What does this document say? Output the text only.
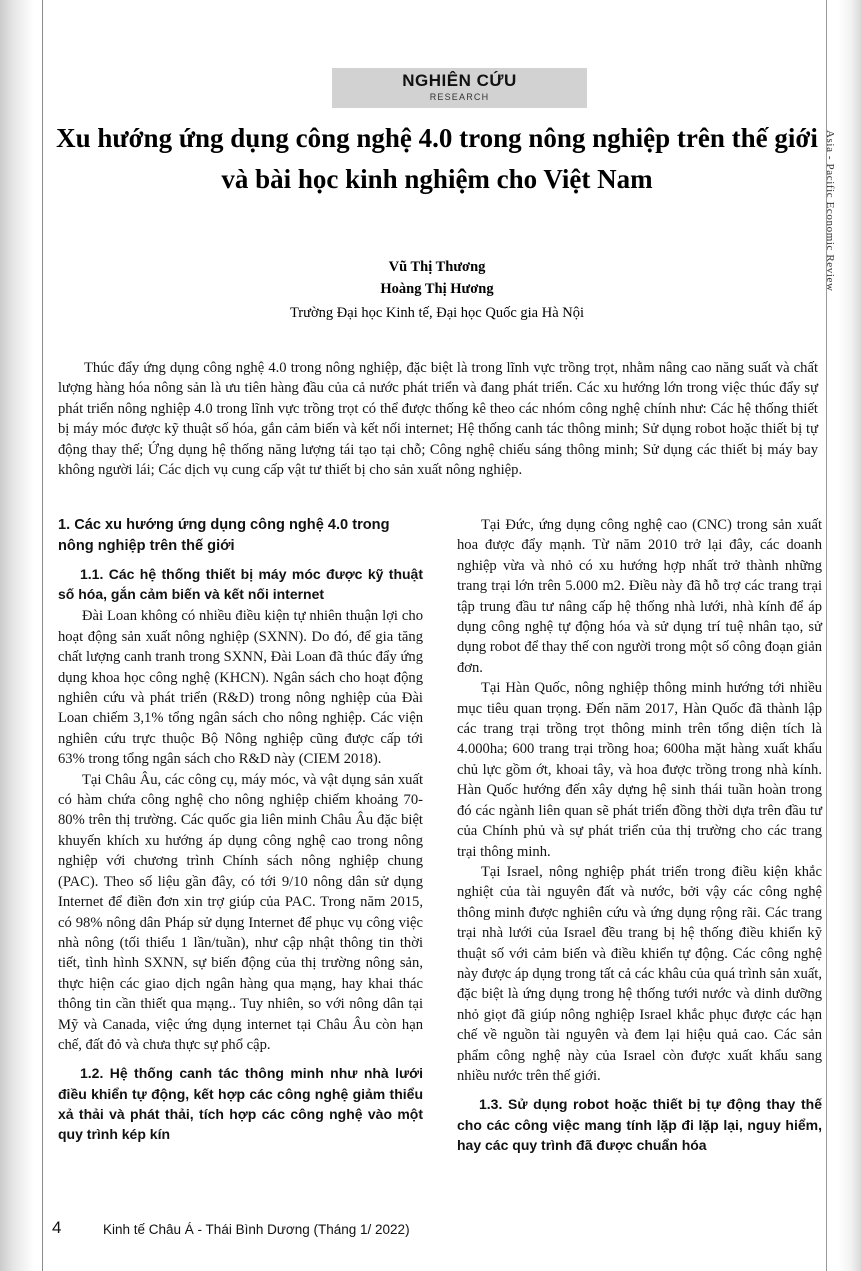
NGHIÊN CỨU
RESEARCH
Xu hướng ứng dụng công nghệ 4.0 trong nông nghiệp trên thế giới và bài học kinh nghiệm cho Việt Nam
Vũ Thị Thương
Hoàng Thị Hương
Trường Đại học Kinh tế, Đại học Quốc gia Hà Nội
Thúc đẩy ứng dụng công nghệ 4.0 trong nông nghiệp, đặc biệt là trong lĩnh vực trồng trọt, nhằm nâng cao năng suất và chất lượng hàng hóa nông sản là ưu tiên hàng đầu của cả nước phát triển và đang phát triển. Các xu hướng lớn trong việc thúc đẩy sự phát triển nông nghiệp 4.0 trong lĩnh vực trồng trọt có thể được thống kê theo các nhóm công nghệ chính như: Các hệ thống thiết bị máy móc được kỹ thuật số hóa, gắn cảm biến và kết nối internet; Hệ thống canh tác thông minh; Sử dụng robot hoặc thiết bị tự động thay thế; Ứng dụng hệ thống năng lượng tái tạo tại chỗ; Công nghệ chiếu sáng thông minh; Sử dụng các thiết bị máy bay không người lái; Các dịch vụ cung cấp vật tư thiết bị cho sản xuất nông nghiệp.
1. Các xu hướng ứng dụng công nghệ 4.0 trong nông nghiệp trên thế giới
1.1. Các hệ thống thiết bị máy móc được kỹ thuật số hóa, gắn cảm biến và kết nối internet

Đài Loan không có nhiều điều kiện tự nhiên thuận lợi cho hoạt động sản xuất nông nghiệp (SXNN). Do đó, để gia tăng chất lượng canh tranh trong SXNN, Đài Loan đã thúc đẩy ứng dụng khoa học công nghệ (KHCN). Ngân sách cho hoạt động nghiên cứu và phát triển (R&D) trong nông nghiệp của Đài Loan chiếm 3,1% tổng ngân sách cho nông nghiệp. Các viện nghiên cứu trực thuộc Bộ Nông nghiệp cũng được cấp tới 63% trong tổng ngân sách cho R&D này (CIEM 2018).

Tại Châu Âu, các công cụ, máy móc, và vật dụng sản xuất có hàm chứa công nghệ cho nông nghiệp chiếm khoảng 70-80% trên thị trường. Các quốc gia liên minh Châu Âu đặc biệt khuyến khích xu hướng áp dụng công nghệ cao trong nông nghiệp với chương trình Chính sách nông nghiệp chung (PAC). Theo số liệu gần đây, có tới 9/10 nông dân sử dụng Internet để điền đơn xin trợ giúp của PAC. Trong năm 2015, có 98% nông dân Pháp sử dụng Internet để phục vụ công việc nhà nông (tối thiểu 1 lần/tuần), như cập nhật thông tin thời tiết, tình hình SXNN, sự biến động của thị trường nông sản, thực hiện các giao dịch ngân hàng qua mạng, hay khai thác thông tin cần thiết qua mạng.. Tuy nhiên, so với nông dân tại Mỹ và Canada, việc ứng dụng internet tại Châu Âu còn hạn chế, đất đỏ và chưa thực sự phổ cập.

1.2. Hệ thống canh tác thông minh như nhà lưới điều khiển tự động, kết hợp các công nghệ giảm thiểu xả thải và phát thải, tích hợp các công nghệ vào một quy trình kép kín

Tại Đức, ứng dụng công nghệ cao (CNC) trong sản xuất hoa được đẩy mạnh. Từ năm 2010 trở lại đây, các doanh nghiệp vừa và nhỏ có xu hướng hợp nhất trở thành những trang trại lớn trên 5.000 m2. Điều này đã hỗ trợ các trang trại tập trung đầu tư nâng cấp hệ thống nhà lưới, nhà kính để áp dụng công nghệ tự động hóa và sử dụng trí tuệ nhân tạo, sử dụng robot để thay thế con người trong một số công đoạn giản đơn.

Tại Hàn Quốc, nông nghiệp thông minh hướng tới nhiều mục tiêu quan trọng. Đến năm 2017, Hàn Quốc đã thành lập các trang trại trồng trọt thông minh trên tổng diện tích là 4.000ha; 600 trang trại trồng hoa; 600ha mặt hàng xuất khẩu chủ lực gồm ớt, khoai tây, và hoa được trồng trong nhà kính. Hàn Quốc hướng đến xây dựng hệ sinh thái tuần hoàn trong đó các ngành liên quan sẽ phát triển đồng thời dựa trên đầu tư của Chính phủ và sự phát triển của thị trường cho các trang trại thông minh.

Tại Israel, nông nghiệp phát triển trong điều kiện khắc nghiệt của tài nguyên đất và nước, bởi vậy các công nghệ thông minh được nghiên cứu và ứng dụng rộng rãi. Các trang trại nhà lưới của Israel đều trang bị hệ thống điều khiển kỹ thuật số với cảm biến và điều khiển tự động. Các công nghệ này được áp dụng trong tất cả các khâu của quá trình sản xuất, đặc biệt là ứng dụng trong hệ thống tưới nước và dinh dưỡng nhỏ giọt đã giúp nông nghiệp Israel khắc phục được các hạn chế về nguồn tài nguyên và đem lại hiệu quả cao. Các sản phẩm công nghệ này của Israel còn được xuất khẩu sang nhiều nước trên thế giới.

1.3. Sử dụng robot hoặc thiết bị tự động thay thế cho các công việc mang tính lặp đi lặp lại, nguy hiểm, hay các quy trình đã được chuẩn hóa
Asia - Pacific Economic Review
4	Kinh tế Châu Á - Thái Bình Dương (Tháng 1/ 2022)
